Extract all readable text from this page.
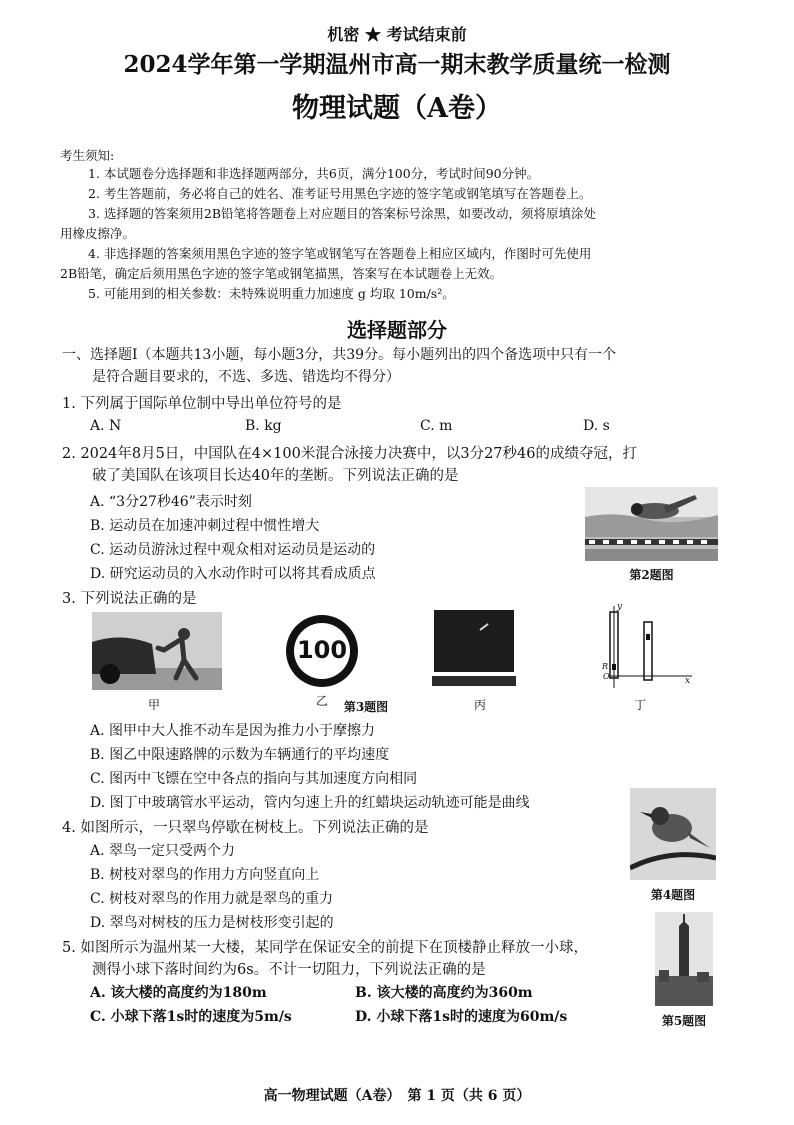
机密 ★ 考试结束前
2024学年第一学期温州市高一期末教学质量统一检测
物理试题（A卷）
考生须知:
1. 本试题卷分选择题和非选择题两部分，共6页，满分100分，考试时间90分钟。
2. 考生答题前，务必将自己的姓名、准考证号用黑色字迹的签字笔或钢笔填写在答题卷上。
3. 选择题的答案须用2B铅笔将答题卷上对应题目的答案标号涂黑，如要改动，须将原填涂处
用橡皮擦净。
4. 非选择题的答案须用黑色字迹的签字笔或钢笔写在答题卷上相应区域内，作图时可先使用
2B铅笔，确定后须用黑色字迹的签字笔或钢笔描黑，答案写在本试题卷上无效。
5. 可能用到的相关参数：未特殊说明重力加速度 g 均取 10m/s²。
选择题部分
一、选择题Ⅰ（本题共13小题，每小题3分，共39分。每小题列出的四个备选项中只有一个
是符合题目要求的，不选、多选、错选均不得分）
1. 下列属于国际单位制中导出单位符号的是
A. N	B. kg	C. m	D. s
2. 2024年8月5日，中国队在4×100米混合泳接力决赛中，以3分27秒46的成绩夺冠，打
破了美国队在该项目长达40年的垄断。下列说法正确的是
A. “3分27秒46”表示时刻
B. 运动员在加速冲刺过程中惯性增大
C. 运动员游泳过程中观众相对运动员是运动的
D. 研究运动员的入水动作时可以将其看成质点	第2题图
3. 下列说法正确的是
甲
100
乙	第3题图	丙
y
x
R
O
丁
A. 图甲中大人推不动车是因为推力小于摩擦力
B. 图乙中限速路牌的示数为车辆通行的平均速度
C. 图丙中飞镖在空中各点的指向与其加速度方向相同
D. 图丁中玻璃管水平运动，管内匀速上升的红蜡块运动轨迹可能是曲线
4. 如图所示，一只翠鸟停歇在树枝上。下列说法正确的是
A. 翠鸟一定只受两个力
B. 树枝对翠鸟的作用力方向竖直向上
C. 树枝对翠鸟的作用力就是翠鸟的重力
D. 翠鸟对树枝的压力是树枝形变引起的
第4题图
5. 如图所示为温州某一大楼，某同学在保证安全的前提下在顶楼静止释放一小球，
测得小球下落时间约为6s。不计一切阻力，下列说法正确的是
A. 该大楼的高度约为180m	B. 该大楼的高度约为360m
C. 小球下落1s时的速度为5m/s	D. 小球下落1s时的速度为60m/s	第5题图
高一物理试题（A卷）　第 1 页（共 6 页）
